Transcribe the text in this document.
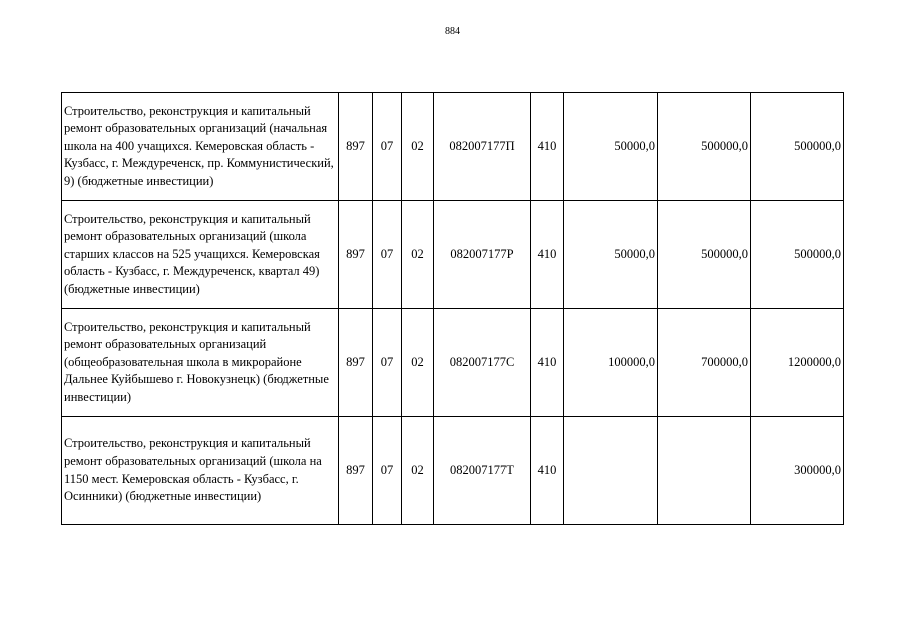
884
Строительство, реконструкция и капитальный ремонт образовательных организаций (начальная школа на 400 учащихся. Кемеровская область - Кузбасс, г. Междуреченск, пр. Коммунистический, 9) (бюджетные инвестиции)	897	07	02	082007177П	410	50000,0	500000,0	500000,0
Строительство, реконструкция и капитальный ремонт образовательных организаций (школа старших классов на 525 учащихся. Кемеровская область - Кузбасс, г. Междуреченск, квартал 49) (бюджетные инвестиции)	897	07	02	082007177Р	410	50000,0	500000,0	500000,0
Строительство, реконструкция и капитальный ремонт образовательных организаций (общеобразовательная школа в микрорайоне Дальнее Куйбышево г. Новокузнецк) (бюджетные инвестиции)	897	07	02	082007177С	410	100000,0	700000,0	1200000,0
Строительство, реконструкция и капитальный ремонт образовательных организаций (школа на 1150 мест. Кемеровская область - Кузбасс, г. Осинники) (бюджетные инвестиции)	897	07	02	082007177Т	410			300000,0
